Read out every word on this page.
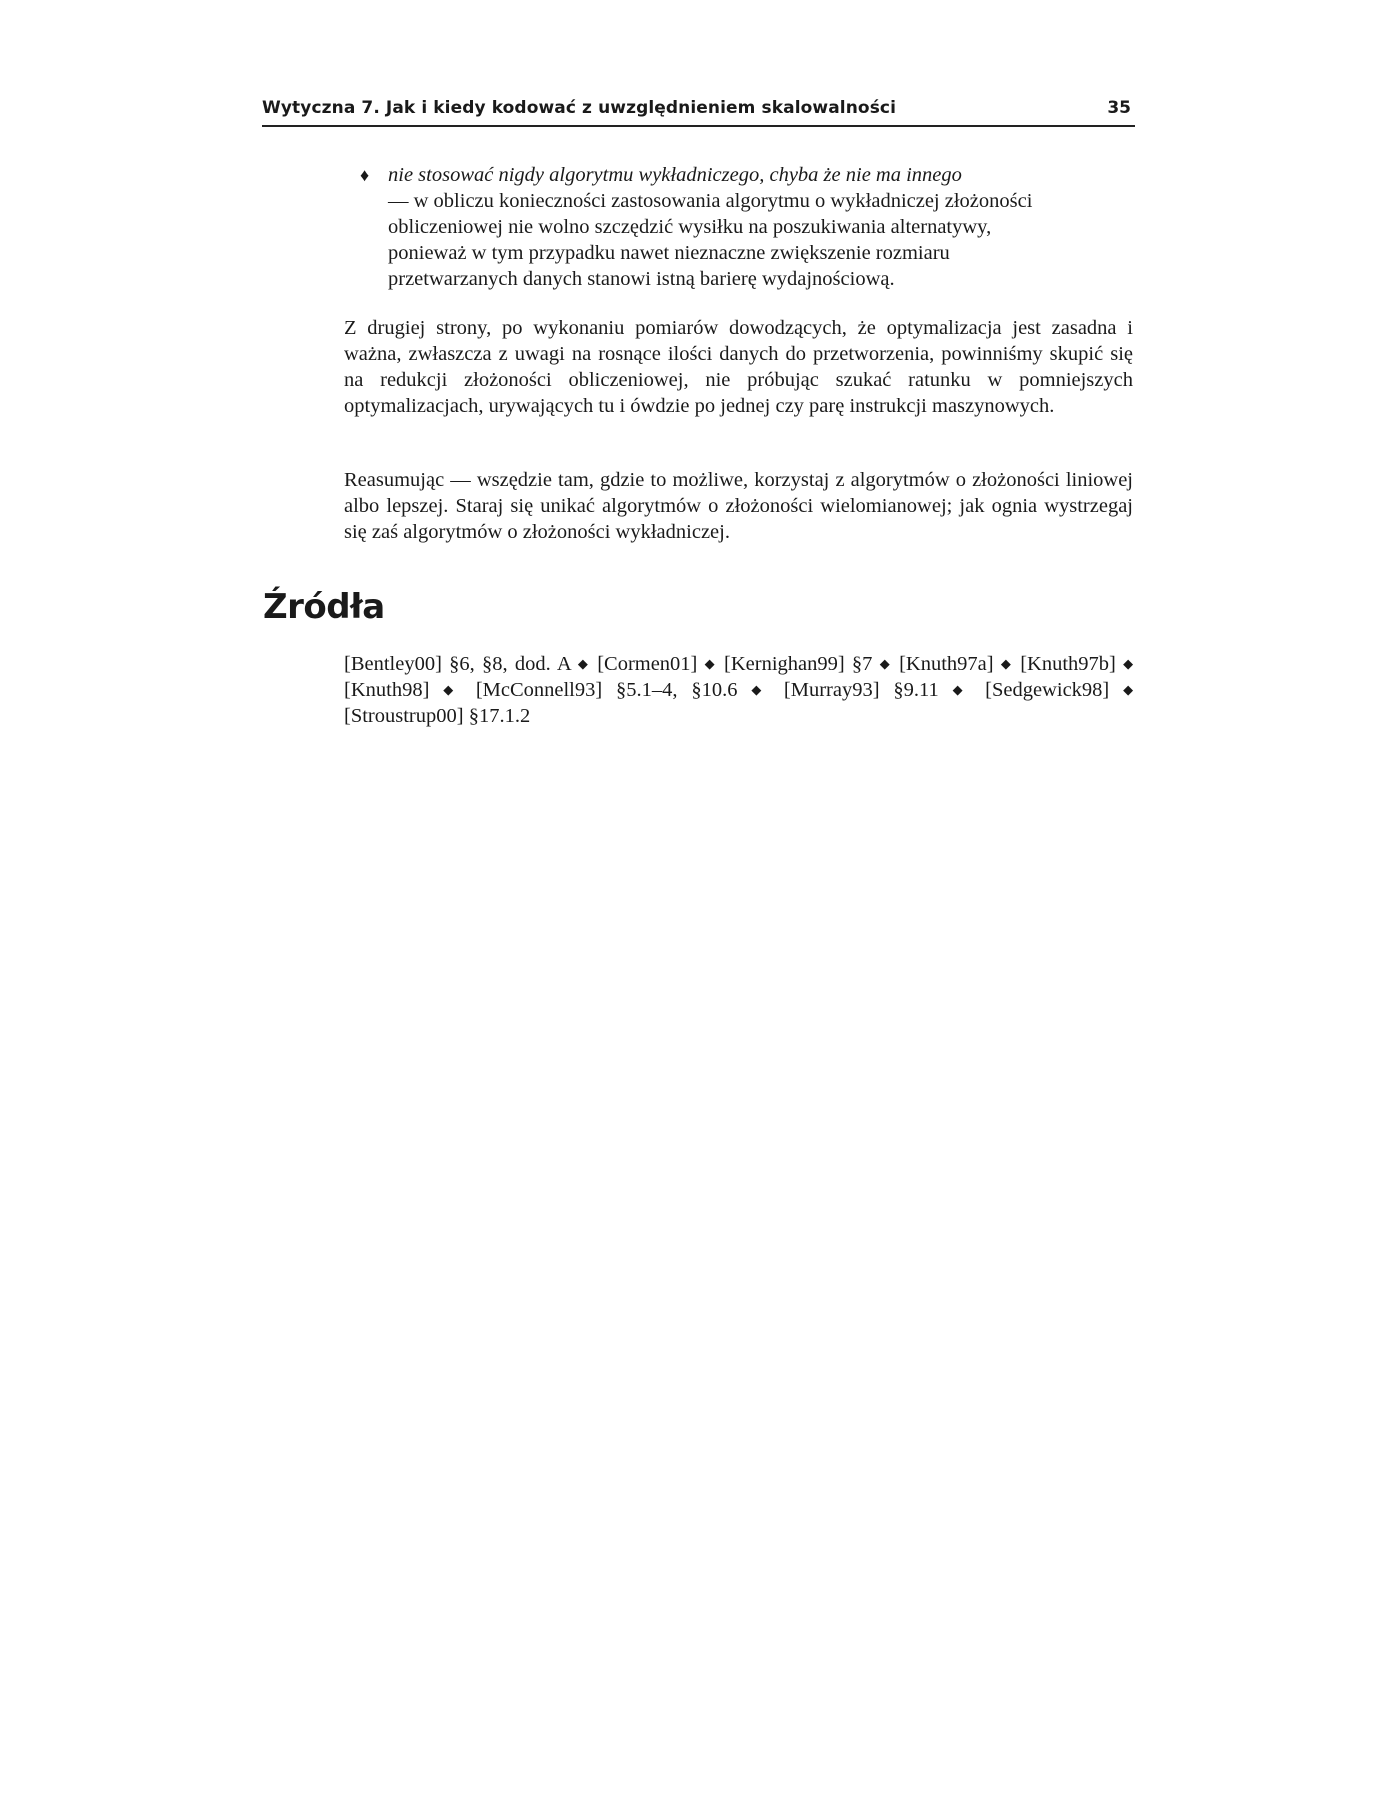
Wytyczna 7. Jak i kiedy kodować z uwzględnieniem skalowalności	35
♦ nie stosować nigdy algorytmu wykładniczego, chyba że nie ma innego

— w obliczu konieczności zastosowania algorytmu o wykładniczej złożoności

obliczeniowej nie wolno szczędzić wysiłku na poszukiwania alternatywy,

ponieważ w tym przypadku nawet nieznaczne zwiększenie rozmiaru

przetwarzanych danych stanowi istną barierę wydajnościową.

Z drugiej strony, po wykonaniu pomiarów dowodzących, że optymalizacja jest zasadna i ważna, zwłaszcza z uwagi na rosnące ilości danych do przetworzenia, powinniśmy skupić się na redukcji złożoności obliczeniowej, nie próbując szukać ratunku w pomniejszych optymalizacjach, urywających tu i ówdzie po jednej czy parę instrukcji maszynowych.

Reasumując — wszędzie tam, gdzie to możliwe, korzystaj z algorytmów o złożoności liniowej albo lepszej. Staraj się unikać algorytmów o złożoności wielomianowej; jak ognia wystrzegaj się zaś algorytmów o złożoności wykładniczej.

Źródła

[Bentley00] §6, §8, dod. A ◆ [Cormen01] ◆ [Kernighan99] §7 ◆ [Knuth97a] ◆ [Knuth97b] ◆ [Knuth98] ◆ [McConnell93] §5.1–4, §10.6 ◆ [Murray93] §9.11 ◆ [Sedgewick98] ◆ [Stroustrup00] §17.1.2
